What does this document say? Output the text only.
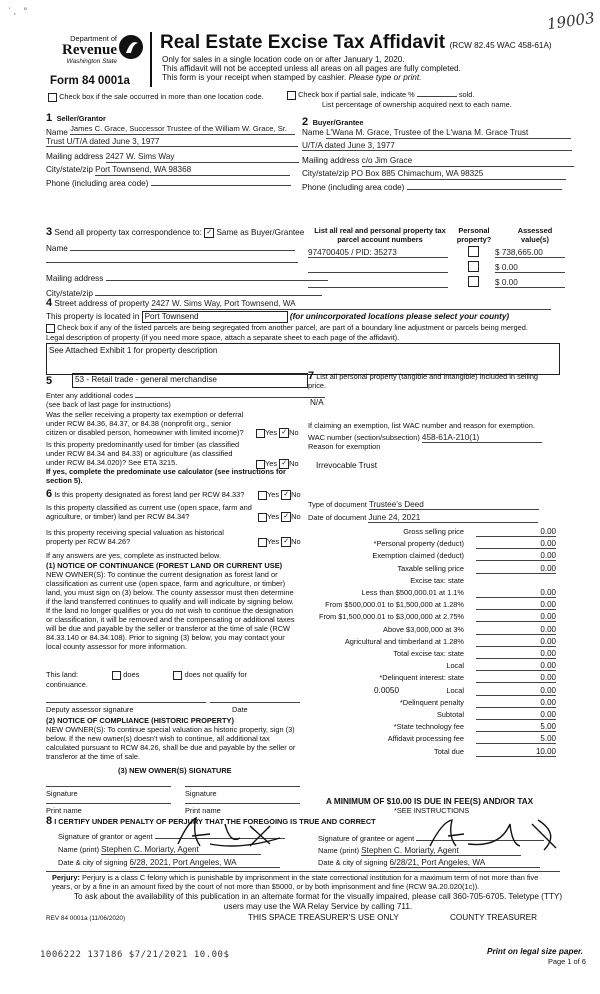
ʿ ,   °	19003
Department of
Revenue
Washington State
Form 84 0001a
Real Estate Excise Tax Affidavit (RCW 82.45 WAC 458-61A)
Only for sales in a single location code on or after January 1, 2020.
This affidavit will not be accepted unless all areas on all pages are fully completed.
This form is your receipt when stamped by cashier. Please type or print.
Check box if the sale occurred in more than one location code.	Check box if partial sale, indicate %	sold.
List percentage of ownership acquired next to each name.
1 Seller/Grantor
Name James C. Grace, Successor Trustee of the William W. Grace, Sr.
Trust U/T/A dated June 3, 1977
Mailing address 2427 W. Sims Way
City/state/zip Port Townsend, WA 98368
Phone (including area code)
2 Buyer/Grantee
Name L'Wana M. Grace, Trustee of the L'wana M. Grace Trust
U/T/A dated June 3, 1977
Mailing address c/o Jim Grace
City/state/zip PO Box 885 Chimachum, WA 98325
Phone (including area code)
3 Send all property tax correspondence to: ✓ Same as Buyer/Grantee
Name
Mailing address
City/state/zip
List all real and personal property tax parcel account numbers
Personal property?
Assessed value(s)
974700405 / PID: 35273	$ 738,665.00
$ 0.00
$ 0.00
4 Street address of property 2427 W. Sims Way, Port Townsend, WA
This property is located in Port Townsend	(for unincorporated locations please select your county)
Check box if any of the listed parcels are being segregated from another parcel, are part of a boundary line adjustment or parcels being merged.
Legal description of property (if you need more space, attach a separate sheet to each page of the affidavit).
See Attached Exhibit 1 for property description
5	53 - Retail trade - general merchandise
Enter any additional codes
(see back of last page for instructions)
Was the seller receiving a property tax exemption or deferral under RCW 84.36, 84.37, or 84.38 (nonprofit org., senior citizen or disabled person, homeowner with limited income)?	Yes ✓ No
Is this property predominantly used for timber (as classified under RCW 84.34 and 84.33) or agriculture (as classified under RCW 84.34.020)? See ETA 3215.	Yes ✓ No
If yes, complete the predominate use calculator (see instructions for section 5).
6 Is this property designated as forest land per RCW 84.33?	Yes ✓ No
Is this property classified as current use (open space, farm and agriculture, or timber) land per RCW 84.34?	Yes ✓ No
Is this property receiving special valuation as historical property per RCW 84.26?	Yes ✓ No
If any answers are yes, complete as instructed below.
(1) NOTICE OF CONTINUANCE (FOREST LAND OR CURRENT USE)
NEW OWNER(S): To continue the current designation as forest land or classification as current use (open space, farm and agriculture, or timber) land, you must sign on (3) below. The county assessor must then determine if the land transferred continues to qualify and will indicate by signing below. If the land no longer qualifies or you do not wish to continue the designation or classification, it will be removed and the compensating or additional taxes will be due and payable by the seller or transferor at the time of sale (RCW 84.33.140 or 84.34.108). Prior to signing (3) below, you may contact your local county assessor for more information.
This land:	does	does not qualify for
continuance.
Deputy assessor signature	Date
(2) NOTICE OF COMPLIANCE (HISTORIC PROPERTY)
NEW OWNER(S): To continue special valuation as historic property, sign (3) below. If the new owner(s) doesn't wish to continue, all additional tax calculated pursuant to RCW 84.26, shall be due and payable by the seller or transferor at the time of sale.
(3) NEW OWNER(S) SIGNATURE
Signature	Signature
Print name	Print name
7 List all personal property (tangible and intangible) included in selling price.
N/A
If claiming an exemption, list WAC number and reason for exemption.
WAC number (section/subsection) 458-61A-210(1)
Reason for exemption
Irrevocable Trust
Type of document Trustee's Deed
Date of document June 24, 2021
Gross selling price	0.00
*Personal property (deduct)	0.00
Exemption claimed (deduct)	0.00
Taxable selling price	0.00
Excise tax: state
Less than $500,000.01 at 1.1%	0.00
From $500,000.01 to $1,500,000 at 1.28%	0.00
From $1,500,000.01 to $3,000,000 at 2.75%	0.00
Above $3,000,000 at 3%	0.00
Agricultural and timberland at 1.28%	0.00
Total excise tax: state	0.00
Local	0.00
*Delinquent interest: state	0.00
Local	0.00
*Delinquent penalty	0.00
Subtotal	0.00
*State technology fee	5.00
Affidavit processing fee	5.00
Total due	10.00
0.0050
A MINIMUM OF $10.00 IS DUE IN FEE(S) AND/OR TAX
*SEE INSTRUCTIONS
8 I CERTIFY UNDER PENALTY OF PERJURY THAT THE FOREGOING IS TRUE AND CORRECT
Signature of grantor or agent
Name (print) Stephen C. Moriarty, Agent
Date & city of signing 6/28, 2021, Port Angeles, WA
Signature of grantee or agent
Name (print) Stephen C. Moriarty, Agent
Date & city of signing 6/28/21, Port Angeles, WA
Perjury: Perjury is a class C felony which is punishable by imprisonment in the state correctional institution for a maximum term of not more than five years, or by a fine in an amount fixed by the court of not more than $5000, or by both imprisonment and fine (RCW 9A.20.020(1c)).
To ask about the availability of this publication in an alternate format for the visually impaired, please call 360-705-6705. Teletype (TTY) users may use the WA Relay Service by calling 711.
REV 84 0001a (11/06/2020)	THIS SPACE TREASURER'S USE ONLY	COUNTY TREASURER
1006222 137186 $7/21/2021 10.00$	Print on legal size paper.
Page 1 of 6
